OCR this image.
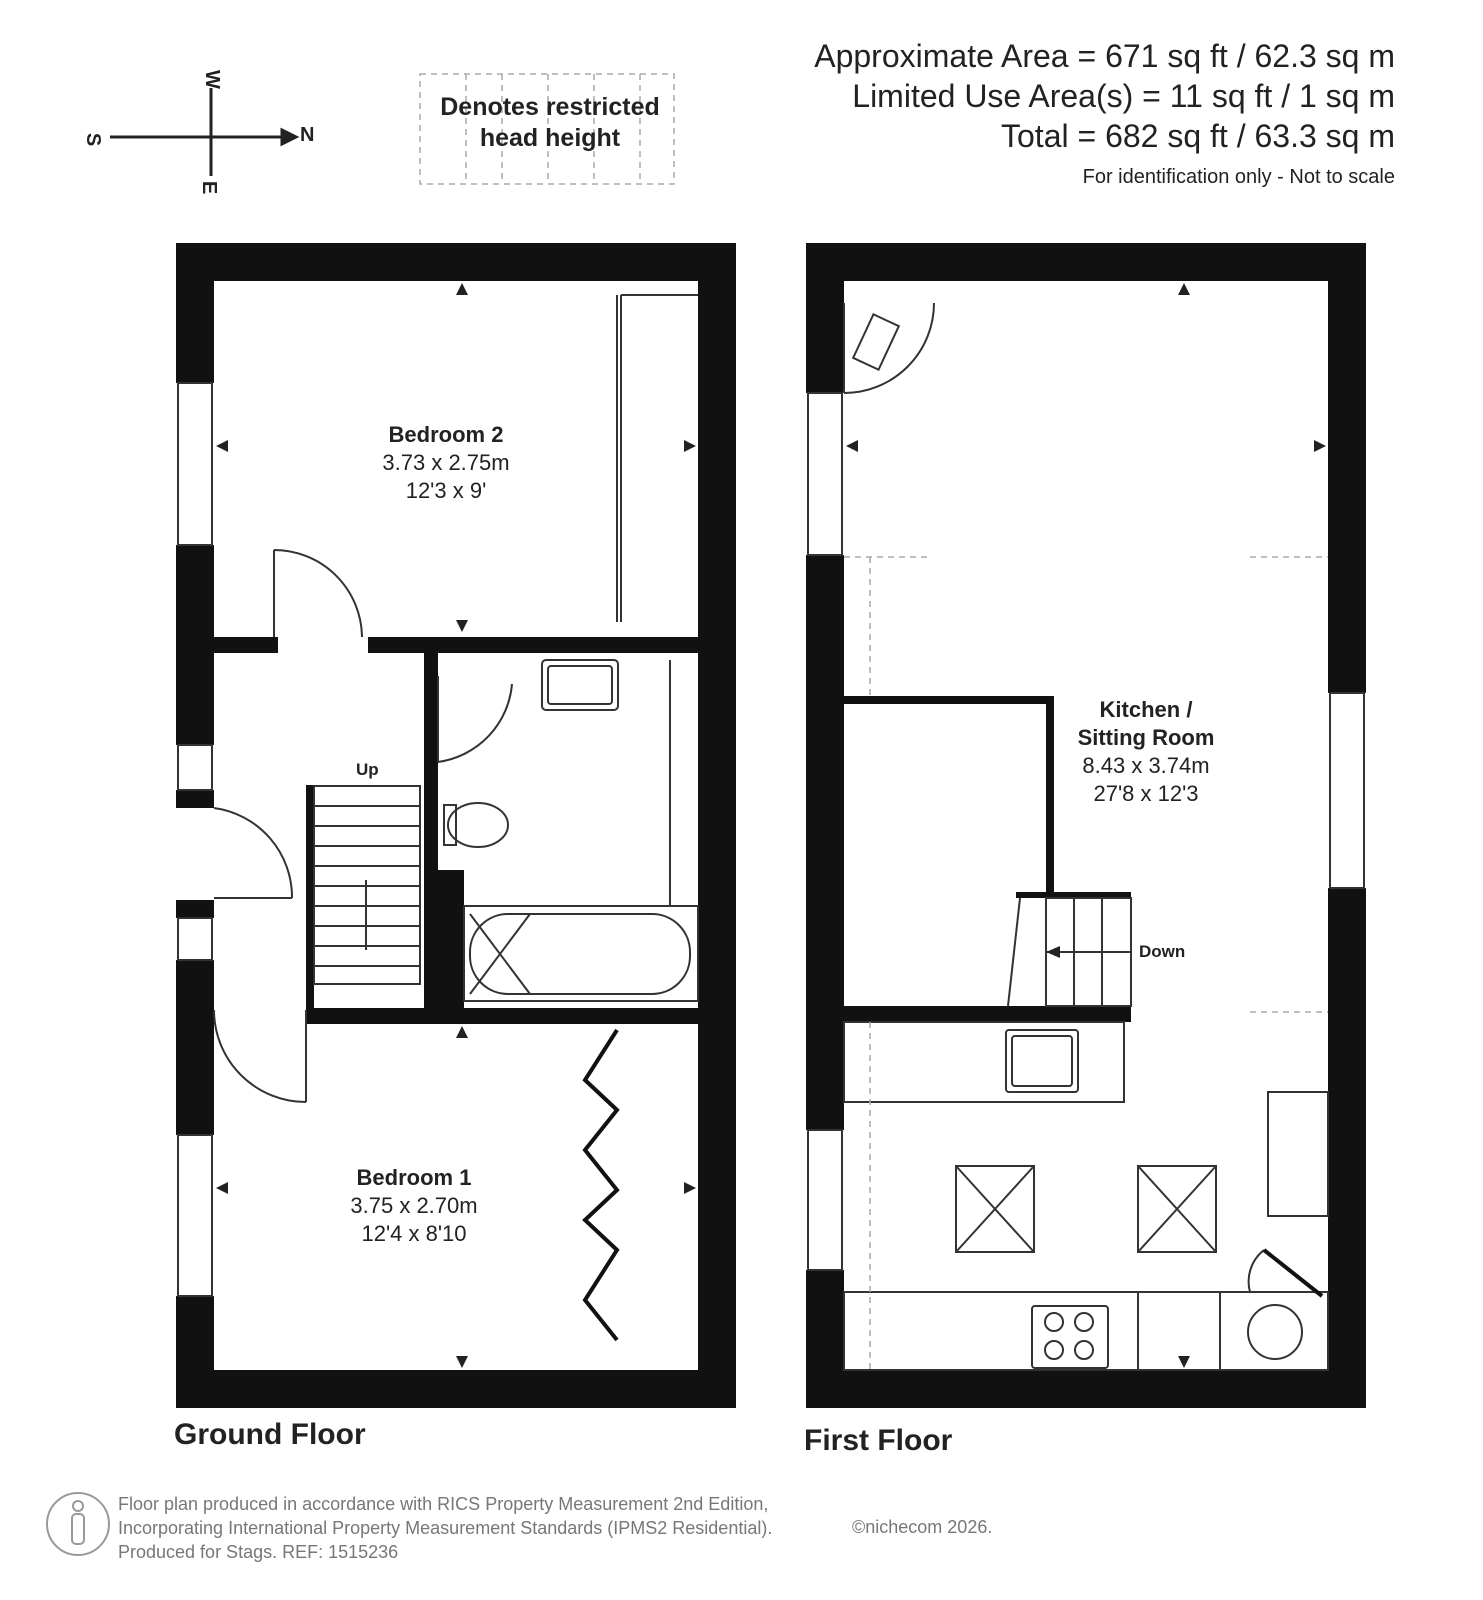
N
S
W
E
Approximate Area = 671 sq ft / 62.3 sq m
Limited Use Area(s) = 11 sq ft / 1 sq m
Total = 682 sq ft / 63.3 sq m
For identification only - Not to scale
Denotes restricted
head height
Bedroom 2
3.73 x 2.75m
12'3 x 9'
Bedroom 1
3.75 x 2.70m
12'4 x 8'10
Up
Kitchen /
Sitting Room
8.43 x 3.74m
27'8 x 12'3
Down
Ground Floor	First Floor
Floor plan produced in accordance with RICS Property Measurement 2nd Edition,
Incorporating International Property Measurement Standards (IPMS2 Residential).
Produced for Stags. REF: 1515236
©nichecom 2026.
